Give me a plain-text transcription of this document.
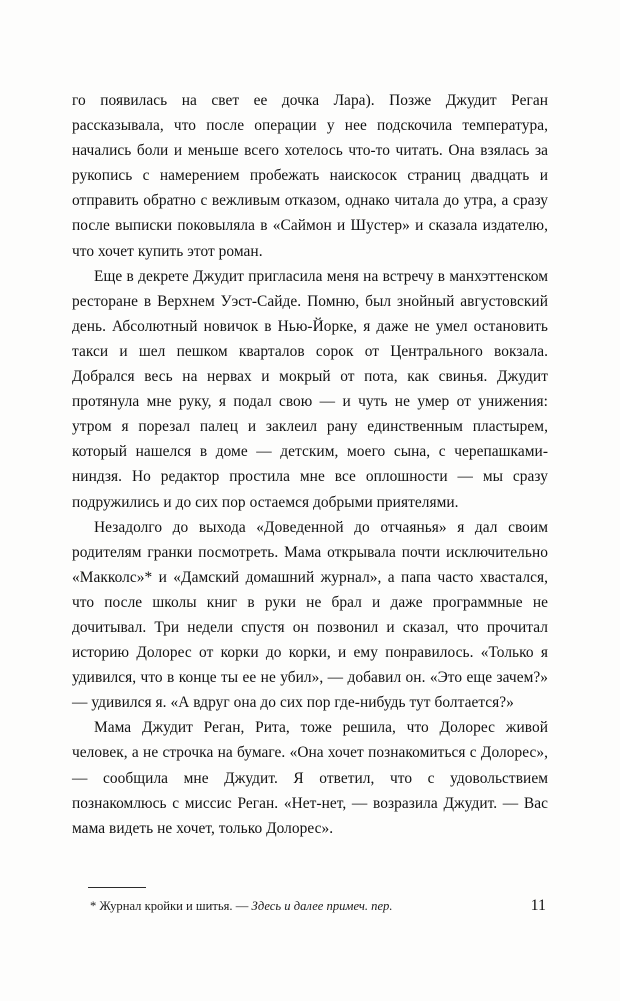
го появилась на свет ее дочка Лара). Позже Джудит Реган рассказывала, что после операции у нее подскочила температура, начались боли и меньше всего хотелось что-то читать. Она взялась за рукопись с намерением пробежать наискосок страниц двадцать и отправить обратно с вежливым отказом, однако читала до утра, а сразу после выписки поковыляла в «Саймон и Шустер» и сказала издателю, что хочет купить этот роман.

Еще в декрете Джудит пригласила меня на встречу в манхэттенском ресторане в Верхнем Уэст-Сайде. Помню, был знойный августовский день. Абсолютный новичок в Нью-Йорке, я даже не умел остановить такси и шел пешком кварталов сорок от Центрального вокзала. Добрался весь на нервах и мокрый от пота, как свинья. Джудит протянула мне руку, я подал свою — и чуть не умер от унижения: утром я порезал палец и заклеил рану единственным пластырем, который нашелся в доме — детским, моего сына, с черепашками-ниндзя. Но редактор простила мне все оплошности — мы сразу подружились и до сих пор остаемся добрыми приятелями.

Незадолго до выхода «Доведенной до отчаянья» я дал своим родителям гранки посмотреть. Мама открывала почти исключительно «Макколс»* и «Дамский домашний журнал», а папа часто хвастался, что после школы книг в руки не брал и даже программные не дочитывал. Три недели спустя он позвонил и сказал, что прочитал историю Долорес от корки до корки, и ему понравилось. «Только я удивился, что в конце ты ее не убил», — добавил он. «Это еще зачем?» — удивился я. «А вдруг она до сих пор где-нибудь тут болтается?»

Мама Джудит Реган, Рита, тоже решила, что Долорес живой человек, а не строчка на бумаге. «Она хочет познакомиться с Долорес», — сообщила мне Джудит. Я ответил, что с удовольствием познакомлюсь с миссис Реган. «Нет-нет, — возразила Джудит. — Вас мама видеть не хочет, только Долорес».

* Журнал кройки и шитья. — Здесь и далее примеч. пер.	11
